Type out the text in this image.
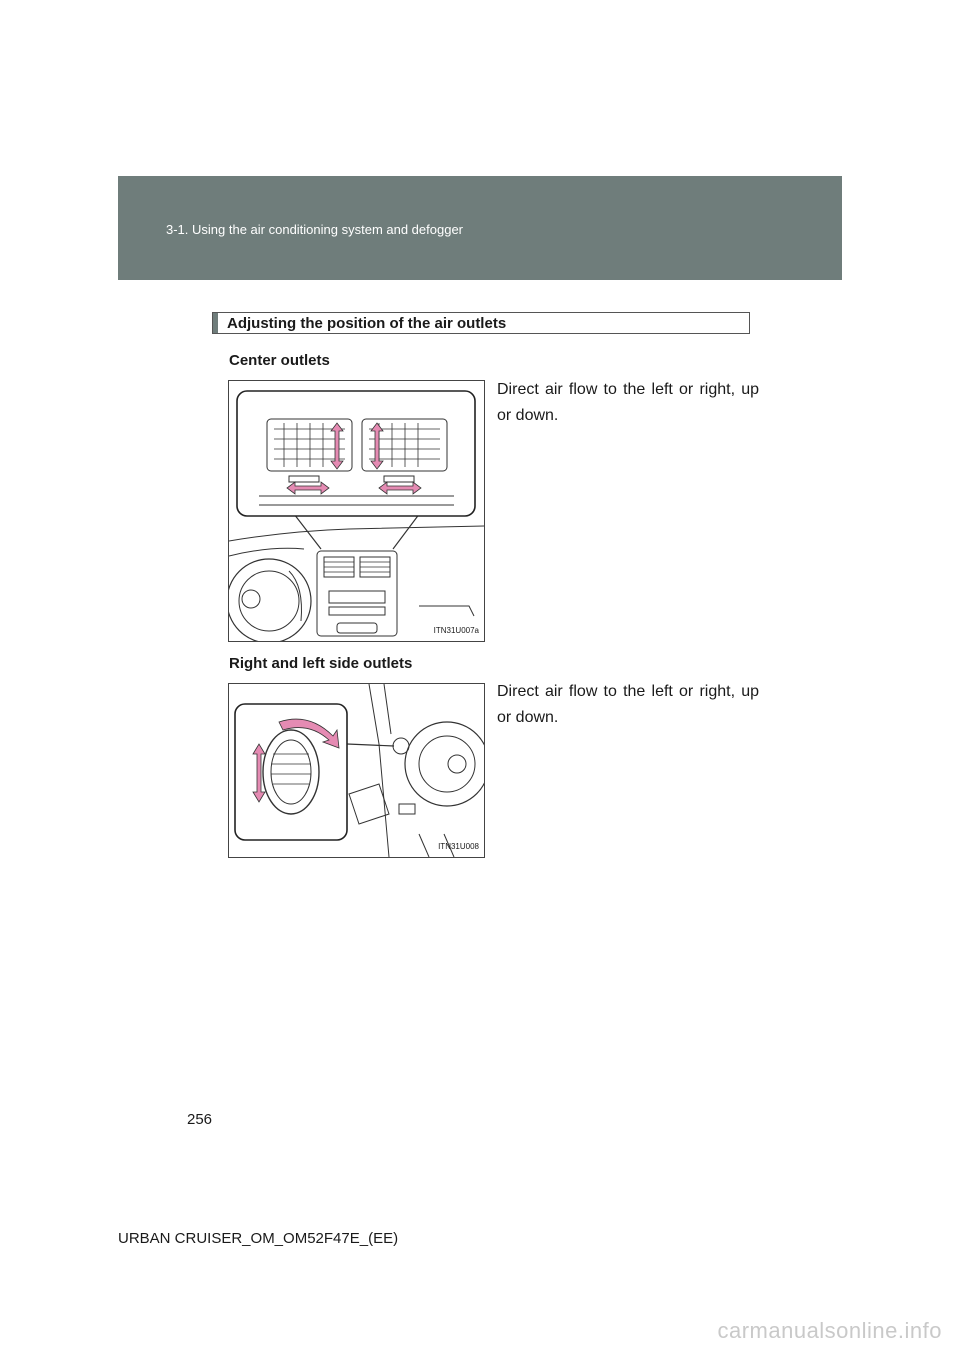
3-1. Using the air conditioning system and defogger
Adjusting the position of the air outlets
Center outlets
Direct air flow to the left or right, up or down.
ITN31U007a
Right and left side outlets
Direct air flow to the left or right, up or down.
ITN31U008
256
URBAN CRUISER_OM_OM52F47E_(EE)
carmanualsonline.info
